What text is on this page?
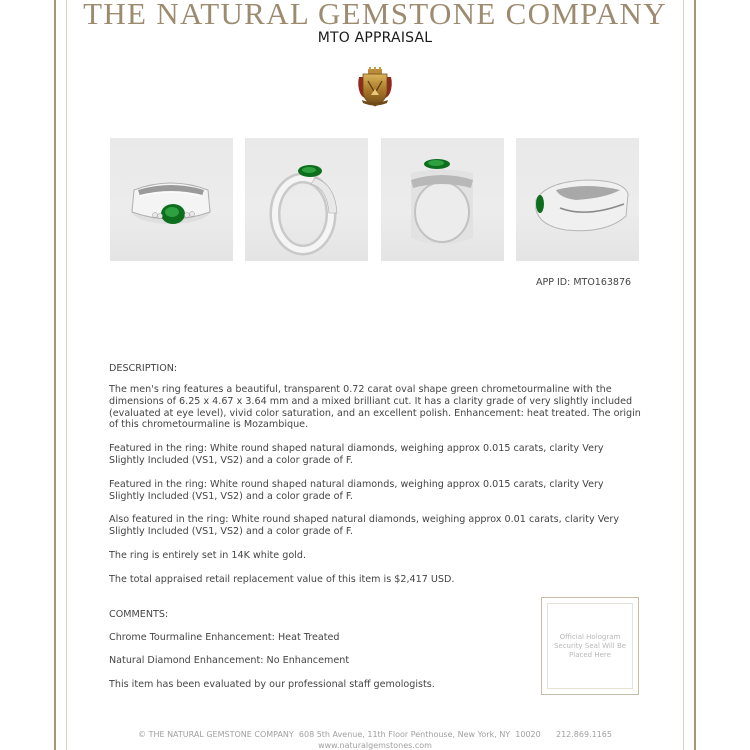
THE NATURAL GEMSTONE COMPANY
MTO APPRAISAL
APP ID: MTO163876
DESCRIPTION:

The men's ring features a beautiful, transparent 0.72 carat oval shape green chrometourmaline with the dimensions of 6.25 x 4.67 x 3.64 mm and a mixed brilliant cut. It has a clarity grade of very slightly included (evaluated at eye level), vivid color saturation, and an excellent polish. Enhancement: heat treated. The origin of this chrometourmaline is Mozambique.

Featured in the ring: White round shaped natural diamonds, weighing approx 0.015 carats, clarity Very Slightly Included (VS1, VS2) and a color grade of F.

Featured in the ring: White round shaped natural diamonds, weighing approx 0.015 carats, clarity Very Slightly Included (VS1, VS2) and a color grade of F.

Also featured in the ring: White round shaped natural diamonds, weighing approx 0.01 carats, clarity Very Slightly Included (VS1, VS2) and a color grade of F.

The ring is entirely set in 14K white gold.

The total appraised retail replacement value of this item is $2,417 USD.

COMMENTS:

Chrome Tourmaline Enhancement: Heat Treated

Natural Diamond Enhancement: No Enhancement

This item has been evaluated by our professional staff gemologists.

Official Hologram Security Seal Will Be Placed Here
© THE NATURAL GEMSTONE COMPANY  608 5th Avenue, 11th Floor Penthouse, New York, NY  10020      212.869.1165
www.naturalgemstones.com
